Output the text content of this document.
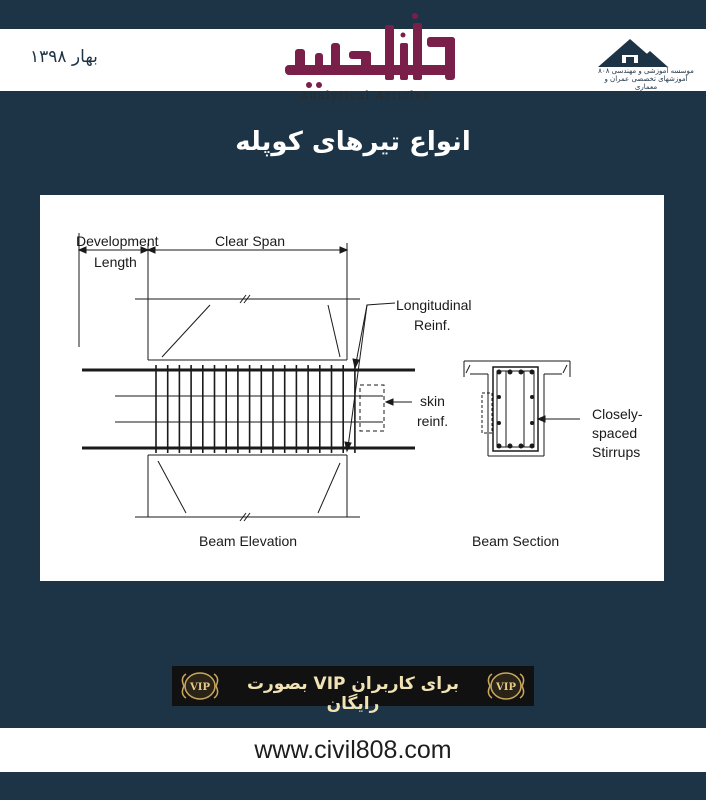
بهار ۱۳۹۸
Analytical Articles
موسسه آموزشی و مهندسی ۸۰۸
آموزشهای تخصصی عمران و معماری
انواع تیرهای کوپله
Development
Length
Clear Span
Longitudinal
Reinf.
skin
reinf.	Closely-
spaced
Stirrups
Beam Elevation	Beam Section
VIP	برای کاربران VIP بصورت رایگان
VIP
www.civil808.com
